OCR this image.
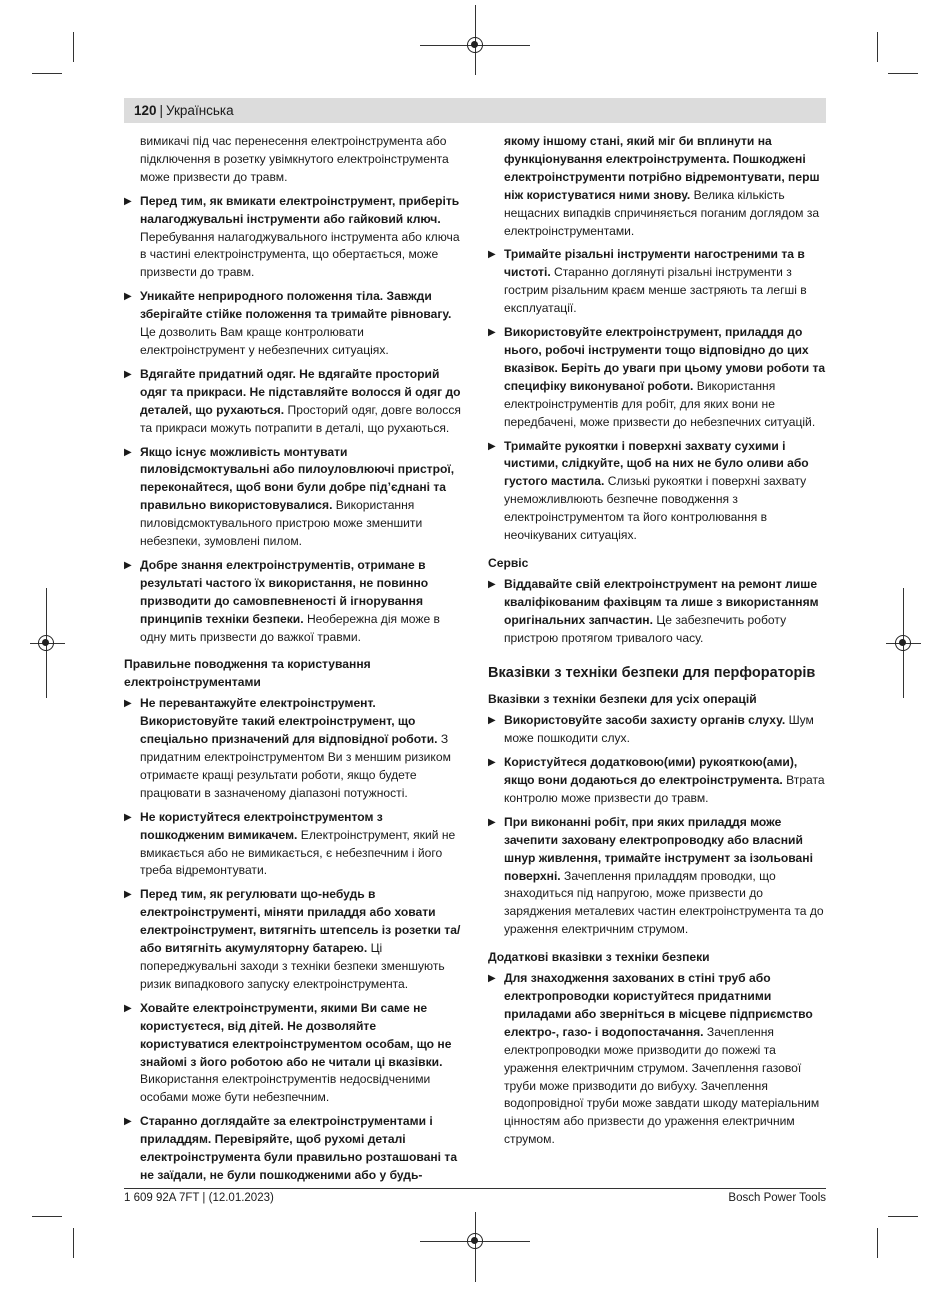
120 | Українська
вимикачі під час перенесення електроінструмента або підключення в розетку увімкнутого електроінструмента може призвести до травм.
▶ Перед тим, як вмикати електроінструмент, приберіть налагоджувальні інструменти або гайковий ключ. Перебування налагоджувального інструмента або ключа в частині електроінструмента, що обертається, може призвести до травм.
▶ Уникайте неприродного положення тіла. Завжди зберігайте стійке положення та тримайте рівновагу. Це дозволить Вам краще контролювати електроінструмент у небезпечних ситуаціях.
▶ Вдягайте придатний одяг. Не вдягайте просторий одяг та прикраси. Не підставляйте волосся й одяг до деталей, що рухаються. Просторий одяг, довге волосся та прикраси можуть потрапити в деталі, що рухаються.
▶ Якщо існує можливість монтувати пиловідсмоктувальні або пилоуловлюючі пристрої, переконайтеся, щоб вони були добре під’єднані та правильно використовувалися. Використання пиловідсмоктувального пристрою може зменшити небезпеки, зумовлені пилом.
▶ Добре знання електроінструментів, отримане в результаті частого їх використання, не повинно призводити до самовпевненості й ігнорування принципів техніки безпеки. Необережна дія може в одну мить призвести до важкої травми.
Правильне поводження та користування електроінструментами
▶ Не перевантажуйте електроінструмент. Використовуйте такий електроінструмент, що спеціально призначений для відповідної роботи. З придатним електроінструментом Ви з меншим ризиком отримаєте кращі результати роботи, якщо будете працювати в зазначеному діапазоні потужності.
▶ Не користуйтеся електроінструментом з пошкодженим вимикачем. Електроінструмент, який не вмикається або не вимикається, є небезпечним і його треба відремонтувати.
▶ Перед тим, як регулювати що-небудь в електроінструменті, міняти приладдя або ховати електроінструмент, витягніть штепсель із розетки та/або витягніть акумуляторну батарею. Ці попереджувальні заходи з техніки безпеки зменшують ризик випадкового запуску електроінструмента.
▶ Ховайте електроінструменти, якими Ви саме не користуєтеся, від дітей. Не дозволяйте користуватися електроінструментом особам, що не знайомі з його роботою або не читали ці вказівки. Використання електроінструментів недосвідченими особами може бути небезпечним.
▶ Старанно доглядайте за електроінструментами і приладдям. Перевіряйте, щоб рухомі деталі електроінструмента були правильно розташовані та не заїдали, не були пошкодженими або у будь-
якому іншому стані, який міг би вплинути на функціонування електроінструмента. Пошкоджені електроінструменти потрібно відремонтувати, перш ніж користуватися ними знову. Велика кількість нещасних випадків спричиняється поганим доглядом за електроінструментами.
▶ Тримайте різальні інструменти нагостреними та в чистоті. Старанно доглянуті різальні інструменти з гострим різальним краєм менше застряють та легші в експлуатації.
▶ Використовуйте електроінструмент, приладдя до нього, робочі інструменти тощо відповідно до цих вказівок. Беріть до уваги при цьому умови роботи та специфіку виконуваної роботи. Використання електроінструментів для робіт, для яких вони не передбачені, може призвести до небезпечних ситуацій.
▶ Тримайте рукоятки і поверхні захвату сухими і чистими, слідкуйте, щоб на них не було оливи або густого мастила. Слизькі рукоятки і поверхні захвату унеможливлюють безпечне поводження з електроінструментом та його контролювання в неочікуваних ситуаціях.
Сервіс
▶ Віддавайте свій електроінструмент на ремонт лише кваліфікованим фахівцям та лише з використанням оригінальних запчастин. Це забезпечить роботу пристрою протягом тривалого часу.
Вказівки з техніки безпеки для перфораторів
Вказівки з техніки безпеки для усіх операцій
▶ Використовуйте засоби захисту органів слуху. Шум може пошкодити слух.
▶ Користуйтеся додатковою(ими) рукояткою(ами), якщо вони додаються до електроінструмента. Втрата контролю може призвести до травм.
▶ При виконанні робіт, при яких приладдя може зачепити заховану електропроводку або власний шнур живлення, тримайте інструмент за ізольовані поверхні. Зачеплення приладдям проводки, що знаходиться під напругою, може призвести до заряджения металевих частин електроінструмента та до ураження електричним струмом.
Додаткові вказівки з техніки безпеки
▶ Для знаходження захованих в стіні труб або електропроводки користуйтеся придатними приладами або зверніться в місцеве підприємство електро-, газо- і водопостачання. Зачеплення електропроводки може призводити до пожежі та ураження електричним струмом. Зачеплення газової труби може призводити до вибуху. Зачеплення водопровідної труби може завдати шкоду матеріальним цінностям або призвести до ураження електричним струмом.
1 609 92A 7FT | (12.01.2023)	Bosch Power Tools
